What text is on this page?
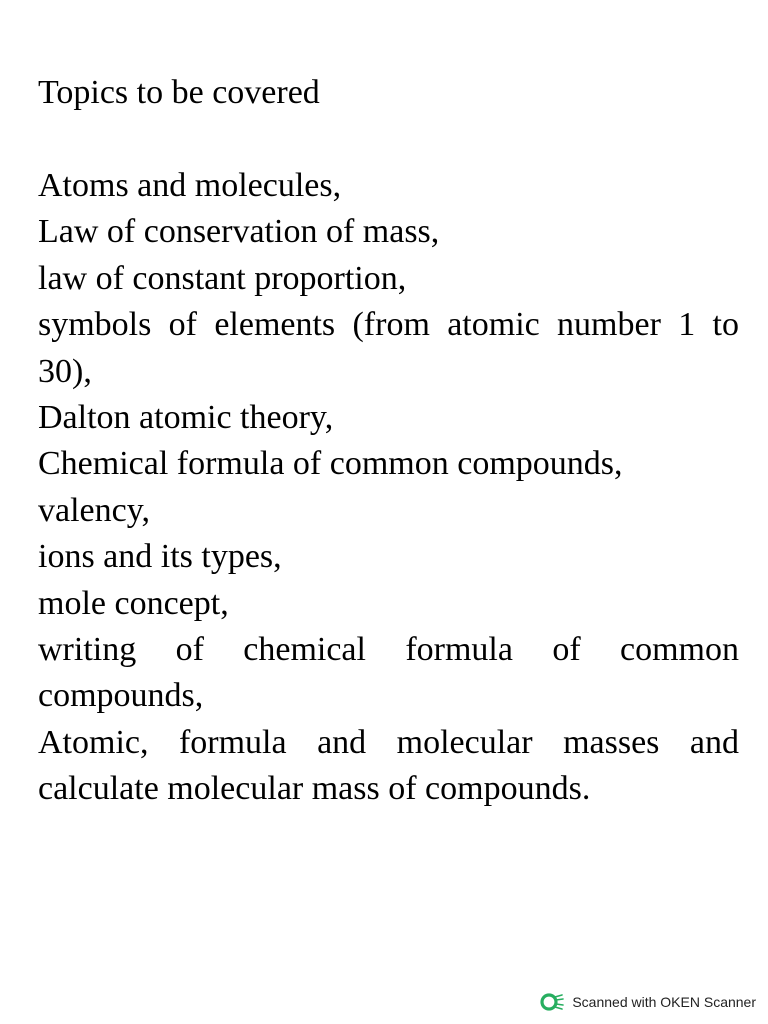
Topics to be covered
Atoms and molecules,
Law of conservation of mass,
law of constant proportion,
symbols of elements (from atomic number 1 to 30),
Dalton atomic theory,
Chemical formula of common compounds,
valency,
ions and its types,
mole concept,
writing of chemical formula of common compounds,
Atomic, formula and molecular masses and calculate molecular mass of compounds.
Scanned with OKEN Scanner
